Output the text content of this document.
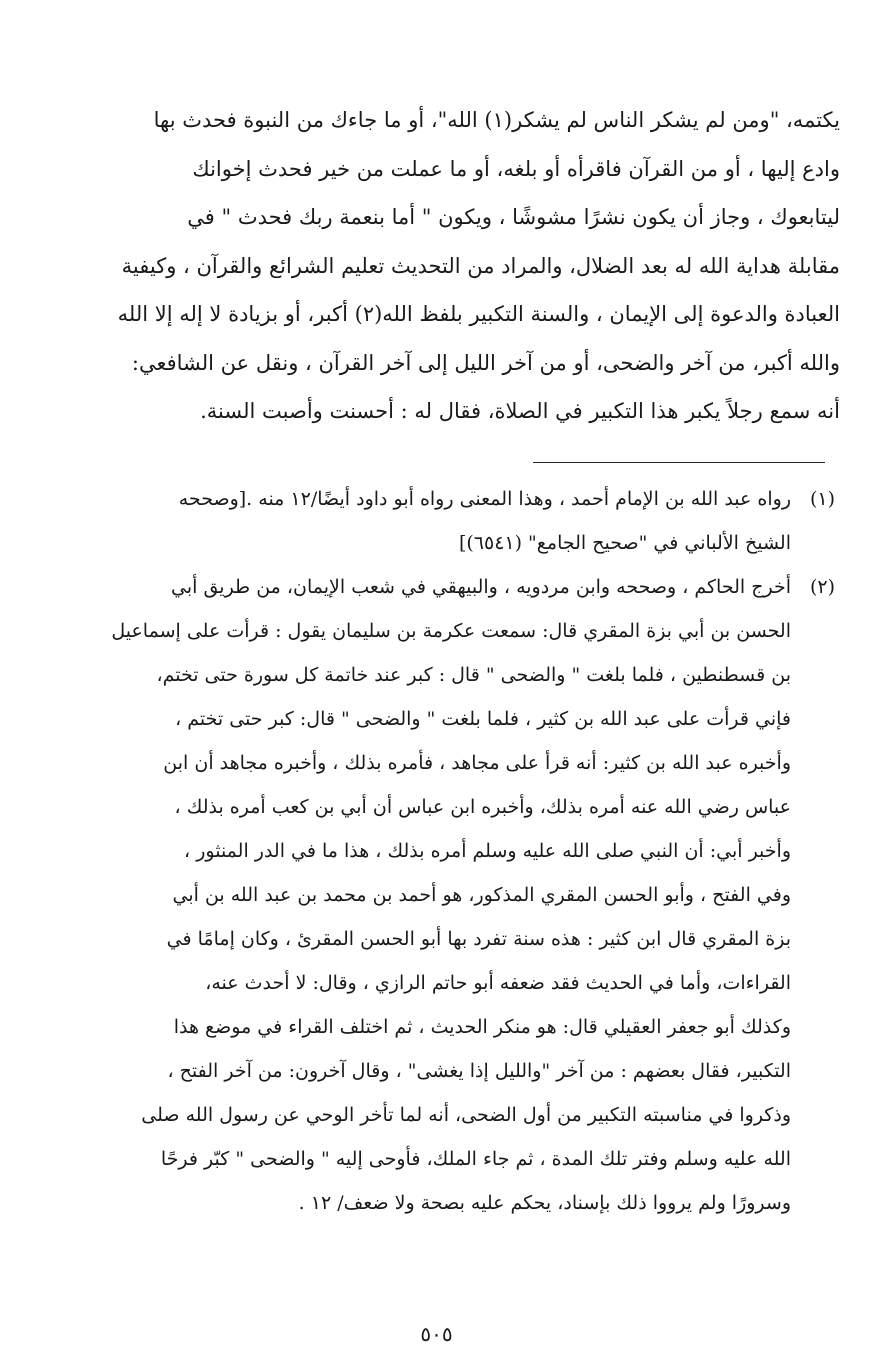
يكتمه، "ومن لم يشكر الناس لم يشكر(١) الله"، أو ما جاءك من النبوة فحدث بها
وادع إليها ، أو من القرآن فاقرأه أو بلغه، أو ما عملت من خير فحدث إخوانك
ليتابعوك ، وجاز أن يكون نشرًا مشوشًا ، ويكون " أما بنعمة ربك فحدث " في
مقابلة هداية الله له بعد الضلال، والمراد من التحديث تعليم الشرائع والقرآن ، وكيفية
العبادة والدعوة إلى الإيمان ، والسنة التكبير بلفظ الله(٢) أكبر، أو بزيادة لا إله إلا الله
والله أكبر، من آخر والضحى، أو من آخر الليل إلى آخر القرآن ، ونقل عن الشافعي:
أنه سمع رجلاً يكبر هذا التكبير في الصلاة، فقال له : أحسنت وأصبت السنة.
(١)
رواه عبد الله بن الإمام أحمد ، وهذا المعنى رواه أبو داود أيضًا/١٢ منه .[وصححه
الشيخ الألباني في "صحيح الجامع" (٦٥٤١)]
(٢)
أخرج الحاكم ، وصححه وابن مردويه ، والبيهقي في شعب الإيمان، من طريق أبي
الحسن بن أبي بزة المقري قال: سمعت عكرمة بن سليمان يقول : قرأت على إسماعيل
بن قسطنطين ، فلما بلغت " والضحى " قال : كبر عند خاتمة كل سورة حتى تختم،
فإني قرأت على عبد الله بن كثير ، فلما بلغت " والضحى " قال: كبر حتى تختم ،
وأخبره عبد الله بن كثير: أنه قرأ على مجاهد ، فأمره بذلك ، وأخبره مجاهد أن ابن
عباس رضي الله عنه أمره بذلك، وأخبره ابن عباس أن أبي بن كعب أمره بذلك ،
وأخبر أبي: أن النبي صلى الله عليه وسلم أمره بذلك ، هذا ما في الدر المنثور ،
وفي الفتح ، وأبو الحسن المقري المذكور، هو أحمد بن محمد بن عبد الله بن أبي
بزة المقري قال ابن كثير : هذه سنة تفرد بها أبو الحسن المقرئ ، وكان إمامًا في
القراءات، وأما في الحديث فقد ضعفه أبو حاتم الرازي ، وقال: لا أحدث عنه،
وكذلك أبو جعفر العقيلي قال: هو منكر الحديث ، ثم اختلف القراء في موضع هذا
التكبير، فقال بعضهم : من آخر "والليل إذا يغشى" ، وقال آخرون: من آخر الفتح ،
وذكروا في مناسبته التكبير من أول الضحى، أنه لما تأخر الوحي عن رسول الله صلى
الله عليه وسلم وفتر تلك المدة ، ثم جاء الملك، فأوحى إليه " والضحى " كبّر فرحًا
وسرورًا ولم يرووا ذلك بإسناد، يحكم عليه بصحة ولا ضعف/ ١٢ .
٥٠٥
